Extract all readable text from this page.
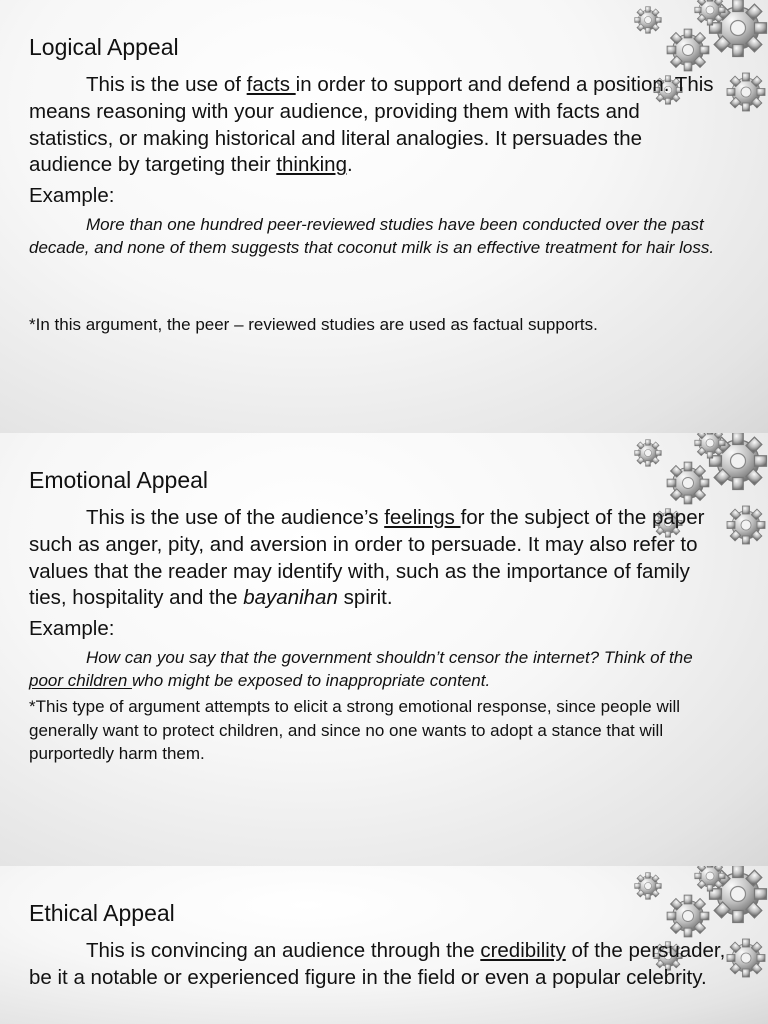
Logical Appeal

This is the use of facts in order to support and defend a position. This means reasoning with your audience, providing them with facts and statistics, or making historical and literal analogies. It persuades the audience by targeting their thinking.

Example:

More than one hundred peer-reviewed studies have been conducted over the past decade, and none of them suggests that coconut milk is an effective treatment for hair loss.

*In this argument, the peer – reviewed studies are used as factual supports.

Emotional Appeal

This is the use of the audience’s feelings for the subject of the paper such as anger, pity, and aversion in order to persuade. It may also refer to values that the reader may identify with, such as the importance of family ties, hospitality and the bayanihan spirit.

Example:

How can you say that the government shouldn’t censor the internet? Think of the poor children who might be exposed to inappropriate content.

*This type of argument attempts to elicit a strong emotional response, since people will generally want to protect children, and since no one wants to adopt a stance that will purportedly harm them.

Ethical Appeal

This is convincing an audience through the credibility of the persuader, be it a notable or experienced figure in the field or even a popular celebrity.
